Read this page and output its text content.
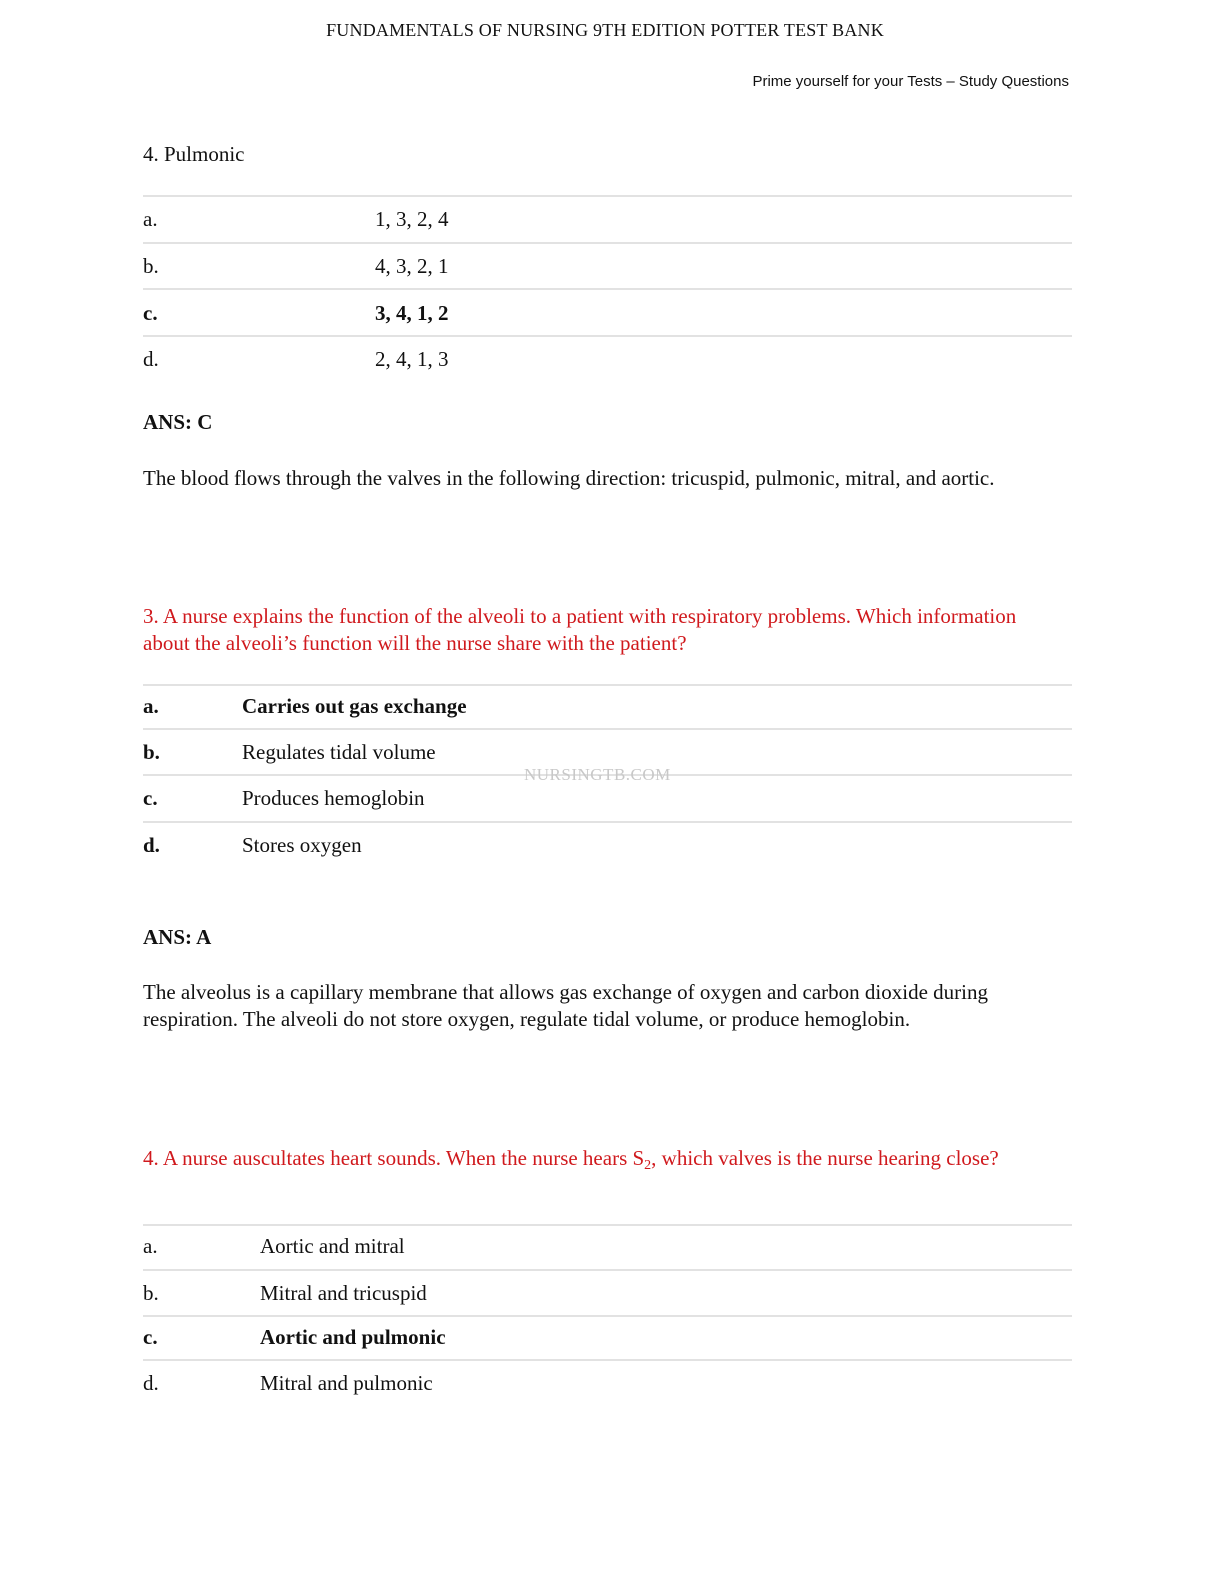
FUNDAMENTALS OF NURSING 9TH EDITION POTTER TEST BANK
Prime yourself for your Tests – Study Questions
4. Pulmonic
a.	1, 3, 2, 4
b.	4, 3, 2, 1
c.	3, 4, 1, 2
d.	2, 4, 1, 3
ANS: C
The blood flows through the valves in the following direction: tricuspid, pulmonic, mitral, and aortic.
3. A nurse explains the function of the alveoli to a patient with respiratory problems. Which information about the alveoli’s function will the nurse share with the patient?
a.	Carries out gas exchange
b.	Regulates tidal volume
c.	Produces hemoglobin
d.	Stores oxygen
NURSINGTB.COM
ANS: A
The alveolus is a capillary membrane that allows gas exchange of oxygen and carbon dioxide during respiration. The alveoli do not store oxygen, regulate tidal volume, or produce hemoglobin.
4. A nurse auscultates heart sounds. When the nurse hears $S_2$, which valves is the nurse hearing close?
a.	Aortic and mitral
b.	Mitral and tricuspid
c.	Aortic and pulmonic
d.	Mitral and pulmonic
